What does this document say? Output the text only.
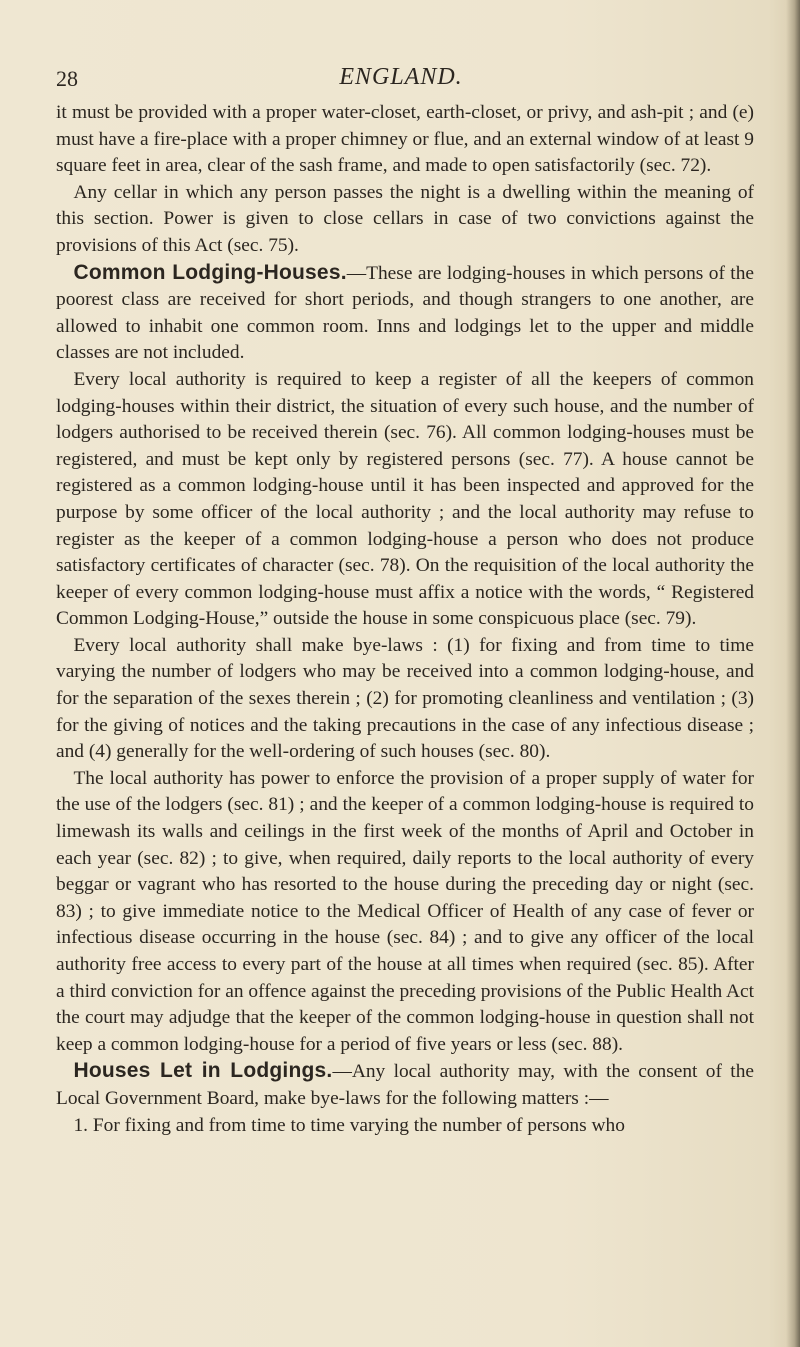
28	ENGLAND.

it must be provided with a proper water-closet, earth-closet, or privy, and ash-pit ; and (e) must have a fire-place with a proper chimney or flue, and an external window of at least 9 square feet in area, clear of the sash frame, and made to open satisfactorily (sec. 72).

Any cellar in which any person passes the night is a dwelling within the meaning of this section. Power is given to close cellars in case of two convictions against the provisions of this Act (sec. 75).

Common Lodging-Houses.—These are lodging-houses in which persons of the poorest class are received for short periods, and though strangers to one another, are allowed to inhabit one common room. Inns and lodgings let to the upper and middle classes are not included.

Every local authority is required to keep a register of all the keepers of common lodging-houses within their district, the situation of every such house, and the number of lodgers authorised to be received therein (sec. 76). All common lodging-houses must be registered, and must be kept only by registered persons (sec. 77). A house cannot be registered as a common lodging-house until it has been inspected and approved for the purpose by some officer of the local authority ; and the local authority may refuse to register as the keeper of a common lodging-house a person who does not produce satisfactory certificates of character (sec. 78). On the requisition of the local authority the keeper of every common lodging-house must affix a notice with the words, “ Registered Common Lodging-House,” outside the house in some conspicuous place (sec. 79).

Every local authority shall make bye-laws : (1) for fixing and from time to time varying the number of lodgers who may be received into a common lodging-house, and for the separation of the sexes therein ; (2) for promoting cleanliness and ventilation ; (3) for the giving of notices and the taking precautions in the case of any infectious disease ; and (4) generally for the well-ordering of such houses (sec. 80).

The local authority has power to enforce the provision of a proper supply of water for the use of the lodgers (sec. 81) ; and the keeper of a common lodging-house is required to limewash its walls and ceilings in the first week of the months of April and October in each year (sec. 82) ; to give, when required, daily reports to the local authority of every beggar or vagrant who has resorted to the house during the preceding day or night (sec. 83) ; to give immediate notice to the Medical Officer of Health of any case of fever or infectious disease occurring in the house (sec. 84) ; and to give any officer of the local authority free access to every part of the house at all times when required (sec. 85). After a third conviction for an offence against the preceding provisions of the Public Health Act the court may adjudge that the keeper of the common lodging-house in question shall not keep a common lodging-house for a period of five years or less (sec. 88).

Houses Let in Lodgings.—Any local authority may, with the consent of the Local Government Board, make bye-laws for the following matters :—

1. For fixing and from time to time varying the number of persons who
